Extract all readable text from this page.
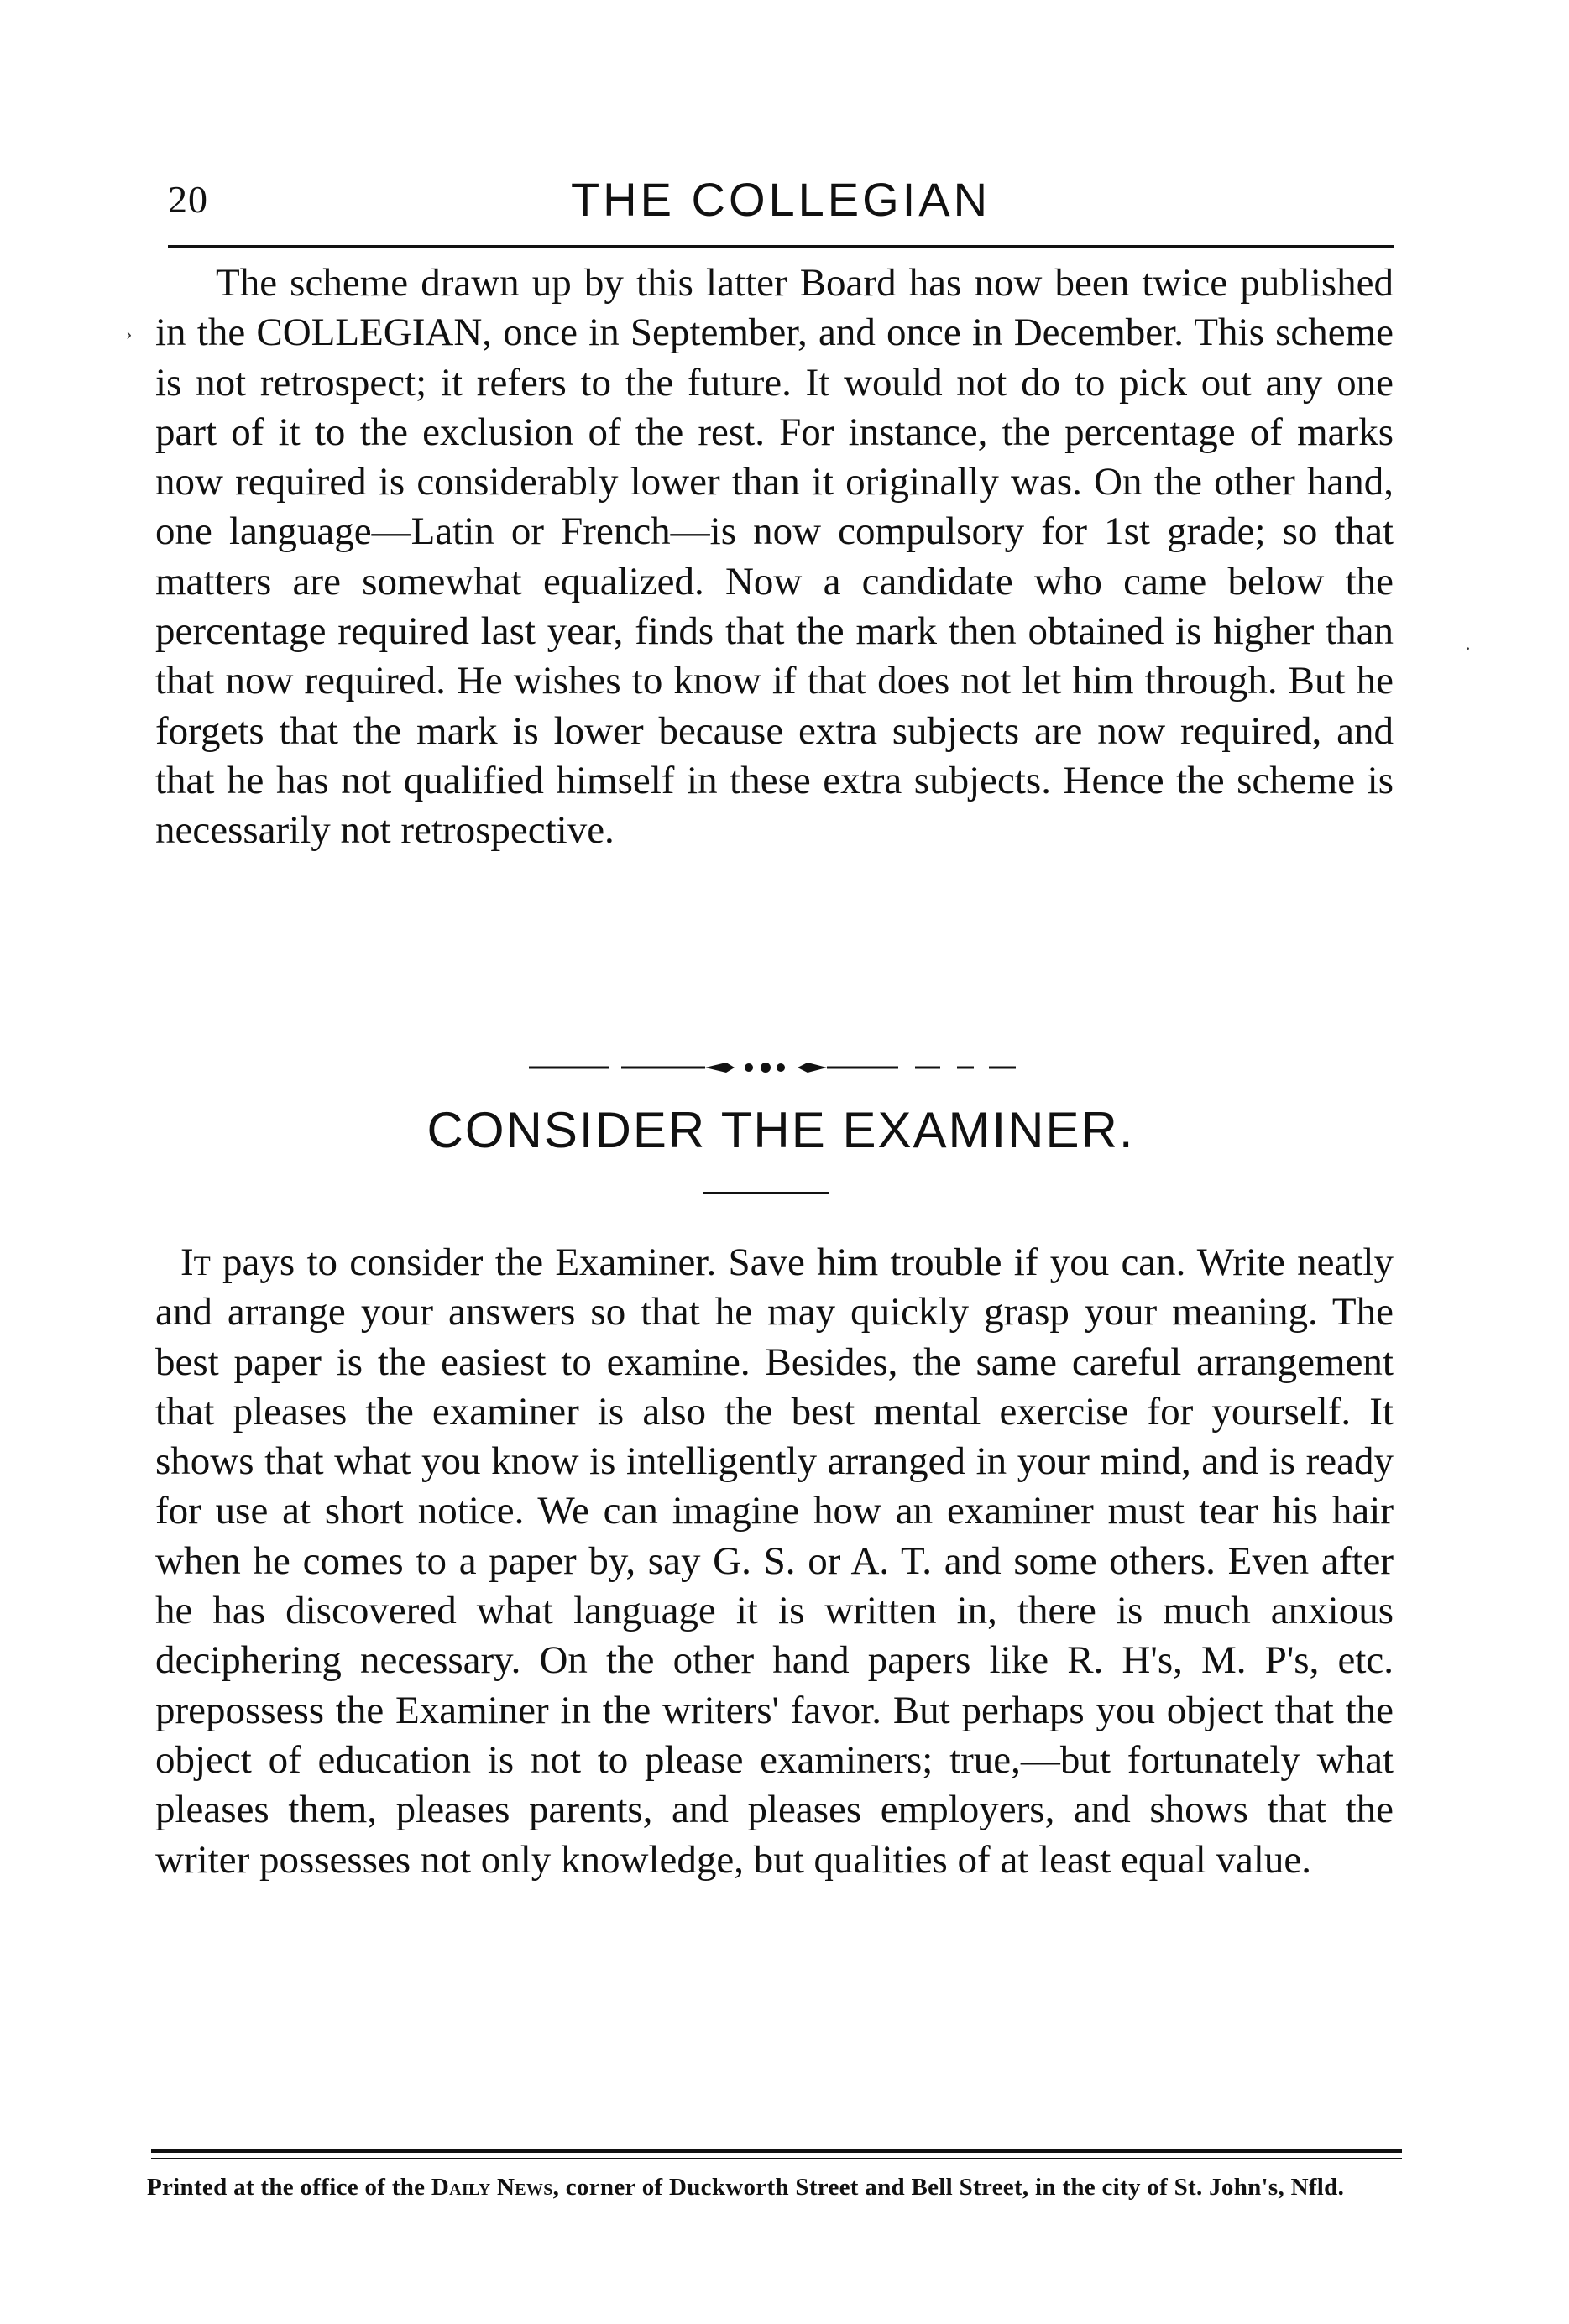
20	THE COLLEGIAN
›
·

The scheme drawn up by this latter Board has now been twice published in the COLLEGIAN, once in September, and once in December. This scheme is not retrospect; it refers to the future. It would not do to pick out any one part of it to the exclusion of the rest. For instance, the percentage of marks now required is considerably lower than it originally was. On the other hand, one language—Latin or French—is now compulsory for 1st grade; so that matters are somewhat equalized. Now a candidate who came below the percentage required last year, finds that the mark then obtained is higher than that now required. He wishes to know if that does not let him through. But he forgets that the mark is lower because extra subjects are now required, and that he has not qualified himself in these extra subjects. Hence the scheme is necessarily not retrospective.

CONSIDER THE EXAMINER.

It pays to consider the Examiner. Save him trouble if you can. Write neatly and arrange your answers so that he may quickly grasp your meaning. The best paper is the easiest to examine. Besides, the same careful arrangement that pleases the examiner is also the best mental exercise for yourself. It shows that what you know is intelligently arranged in your mind, and is ready for use at short notice. We can imagine how an examiner must tear his hair when he comes to a paper by, say G. S. or A. T. and some others. Even after he has discovered what language it is written in, there is much anxious deciphering necessary. On the other hand papers like R. H's, M. P's, etc. prepossess the Examiner in the writers' favor. But perhaps you object that the object of education is not to please examiners; true,—but fortunately what pleases them, pleases parents, and pleases employers, and shows that the writer possesses not only knowledge, but qualities of at least equal value.

Printed at the office of the Daily News, corner of Duckworth Street and Bell Street, in the city of St. John's, Nfld.
